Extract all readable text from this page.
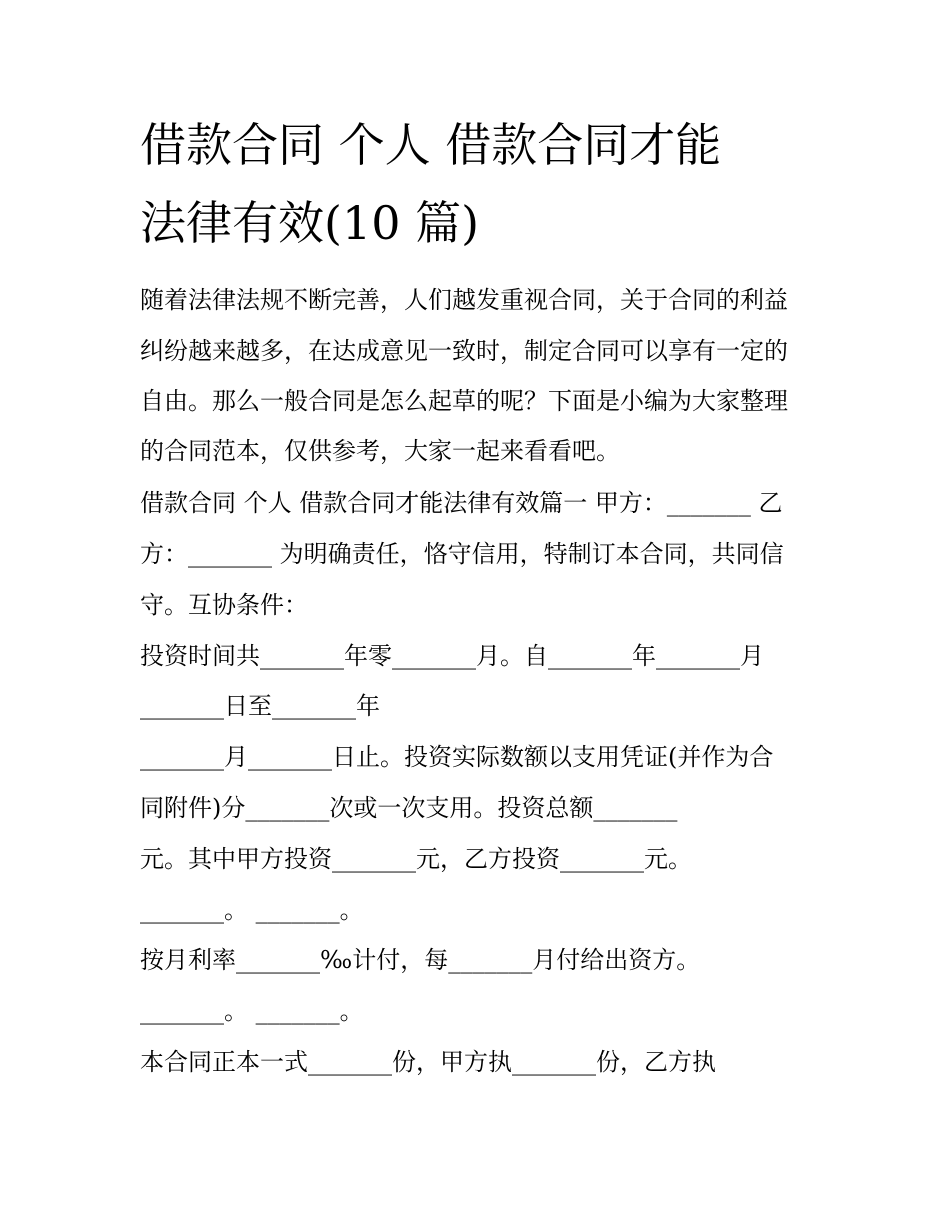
借款合同 个人 借款合同才能
法律有效(10 篇)

随着法律法规不断完善，人们越发重视合同，关于合同的利益

纠纷越来越多，在达成意见一致时，制定合同可以享有一定的

自由。那么一般合同是怎么起草的呢？下面是小编为大家整理

的合同范本，仅供参考，大家一起来看看吧。

借款合同 个人 借款合同才能法律有效篇一 甲方：_______ 乙

方：_______ 为明确责任，恪守信用，特制订本合同，共同信

守。互协条件：

投资时间共_______年零_______月。自_______年_______月

_______日至_______年

_______月_______日止。投资实际数额以支用凭证(并作为合

同附件)分_______次或一次支用。投资总额_______

元。其中甲方投资_______元，乙方投资_______元。

_______。 _______。

按月利率_______‰计付，每_______月付给出资方。

_______。 _______。

本合同正本一式_______份，甲方执_______份，乙方执
